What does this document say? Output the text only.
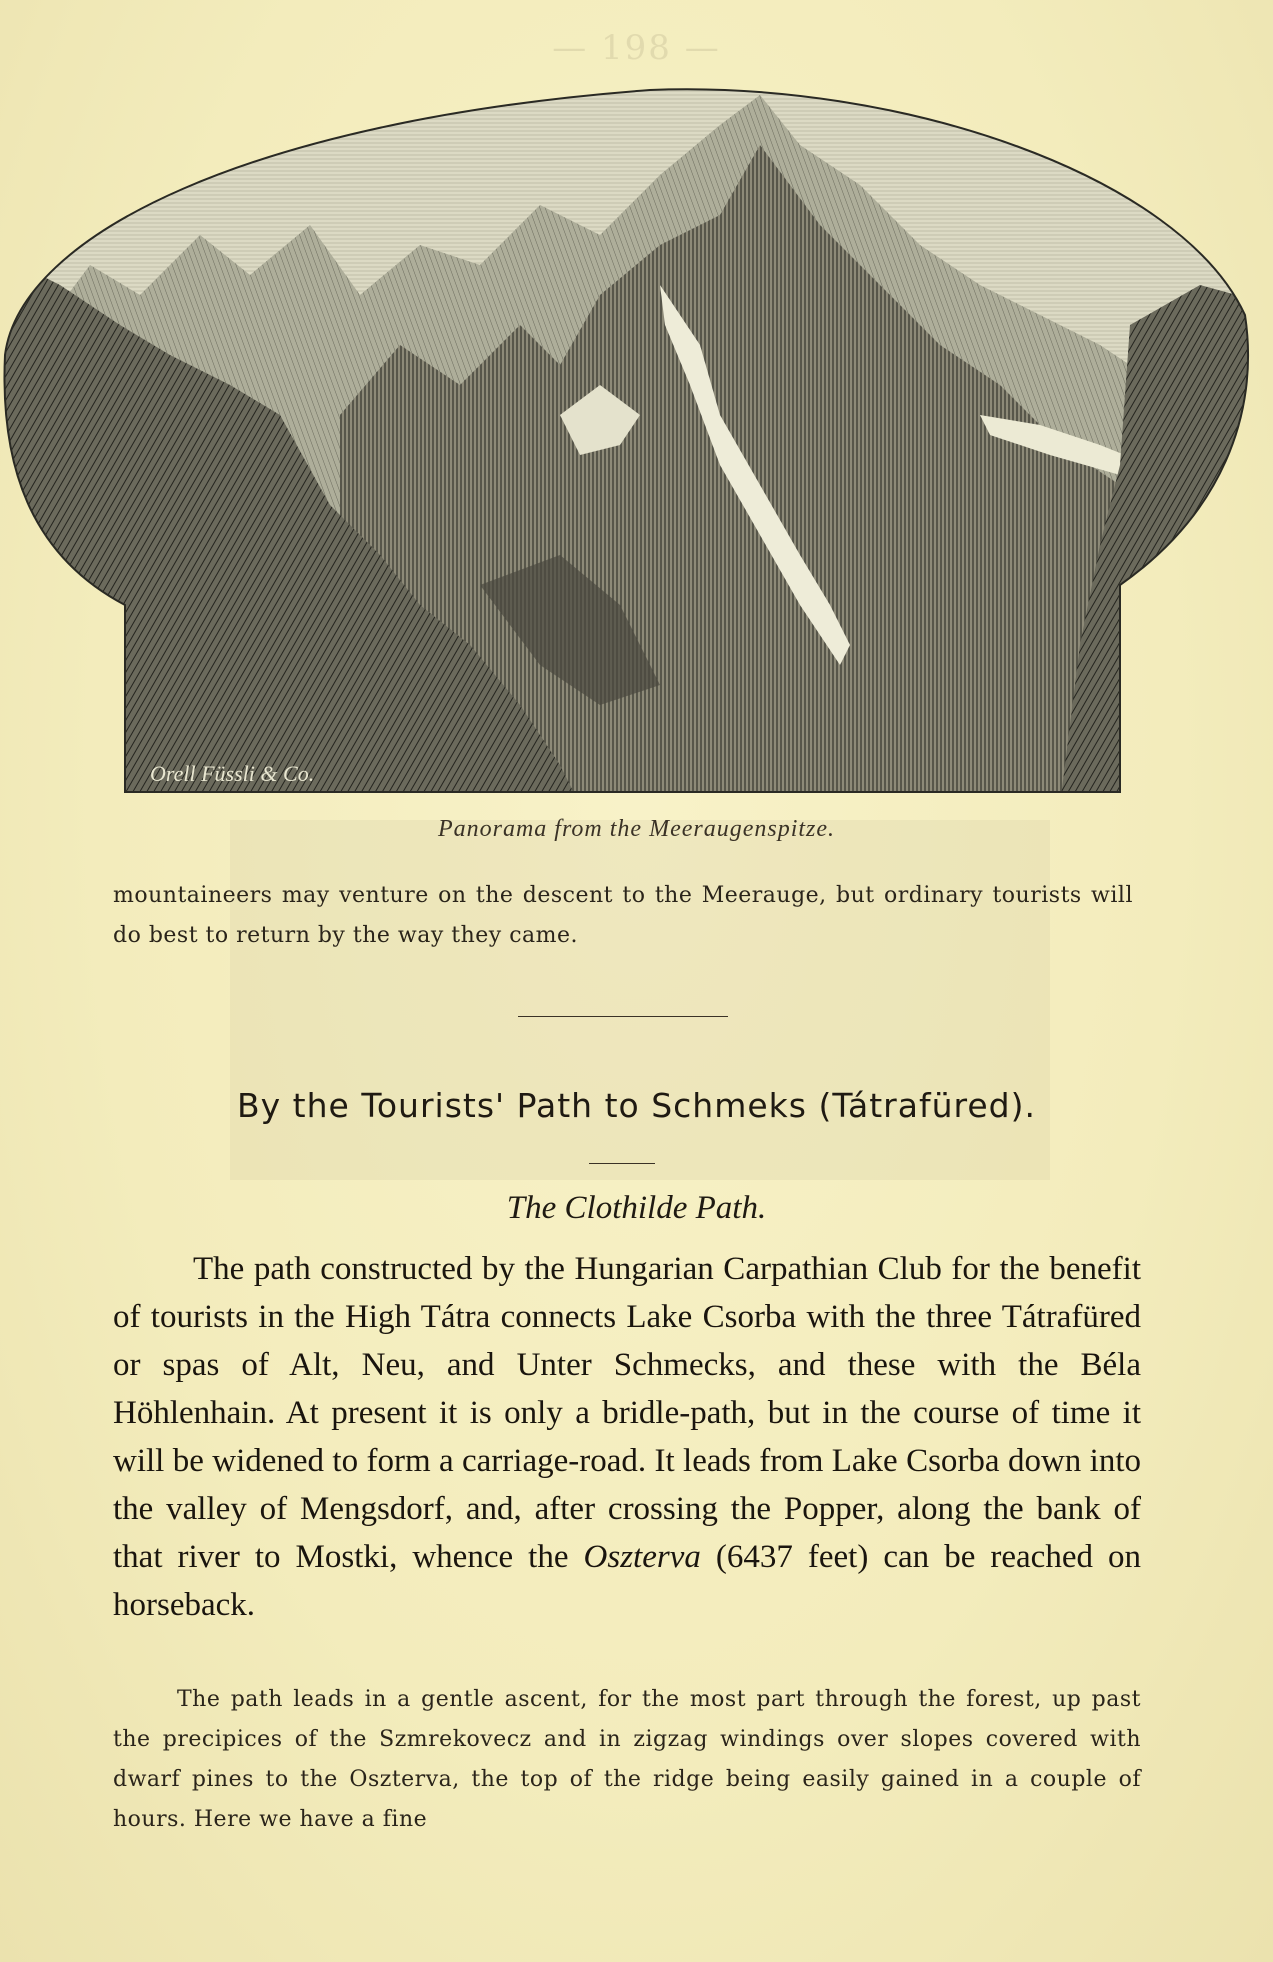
— 198 —
Orell Füssli & Co.
Panorama from the Meeraugenspitze.
mountaineers may venture on the descent to the Meerauge, but ordinary tourists will do best to return by the way they came.
By the Tourists' Path to Schmeks (Tátrafüred).
The Clothilde Path.
The path constructed by the Hungarian Carpathian Club for the benefit of tourists in the High Tátra connects Lake Csorba with the three Tátrafüred or spas of Alt, Neu, and Unter Schmecks, and these with the Béla Höhlenhain. At present it is only a bridle-path, but in the course of time it will be widened to form a carriage-road. It leads from Lake Csorba down into the valley of Mengsdorf, and, after crossing the Popper, along the bank of that river to Mostki, whence the Oszterva (6437 feet) can be reached on horseback.
The path leads in a gentle ascent, for the most part through the forest, up past the precipices of the Szmrekovecz and in zigzag windings over slopes covered with dwarf pines to the Oszterva, the top of the ridge being easily gained in a couple of hours. Here we have a fine
